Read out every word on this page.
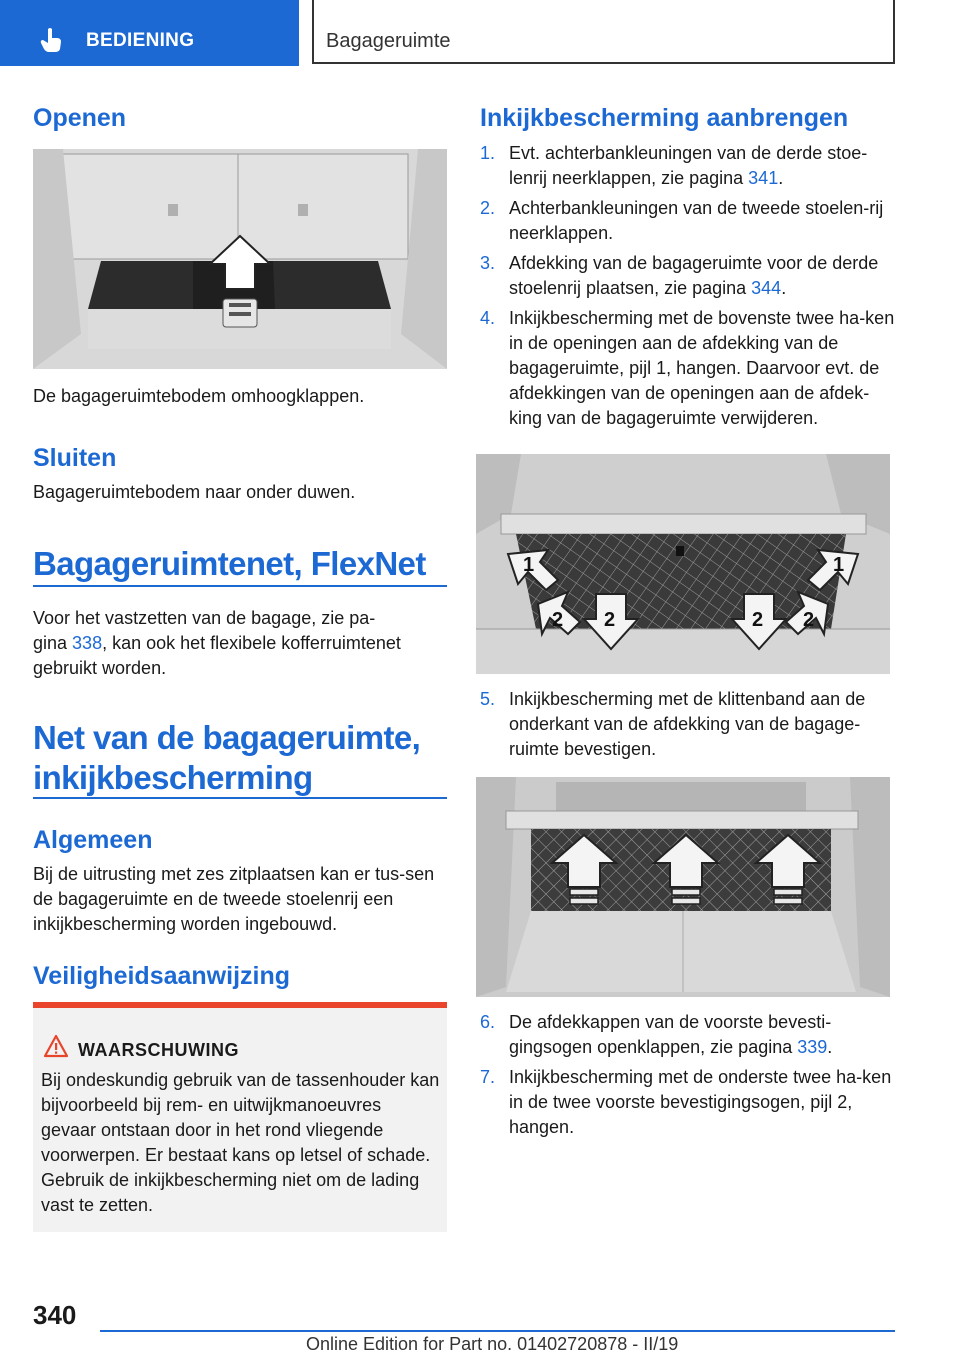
BEDIENING	Bagageruimte
Openen

De bagageruimtebodem omhoogklappen.

Sluiten

Bagageruimtebodem naar onder duwen.

Bagageruimtenet, FlexNet

Voor het vastzetten van de bagage, zie pa-
gina 338, kan ook het flexibele kofferruimtenet
gebruikt worden.

Net van de bagageruimte,
inkijkbescherming
Algemeen

Bij de uitrusting met zes zitplaatsen kan er tus-sen de bagageruimte en de tweede stoelenrij een inkijkbescherming worden ingebouwd.

Veiligheidsaanwijzing
WAARSCHUWING
Bij ondeskundig gebruik van de tassenhouder kan bijvoorbeeld bij rem- en uitwijkmanoeuvres gevaar ontstaan door in het rond vliegende voorwerpen. Er bestaat kans op letsel of schade. Gebruik de inkijkbescherming niet om de lading vast te zetten.
Inkijkbescherming aanbrengen
1. Evt. achterbankleuningen van de derde stoe-lenrij neerklappen, zie pagina 341.
2. Achterbankleuningen van de tweede stoelen-rij neerklappen.
3. Afdekking van de bagageruimte voor de derde stoelenrij plaatsen, zie pagina 344.
4. Inkijkbescherming met de bovenste twee ha-ken in de openingen aan de afdekking van de bagageruimte, pijl 1, hangen. Daarvoor evt. de afdekkingen van de openingen aan de afdek-king van de bagageruimte verwijderen.
1	1
2	2
2	2
5. Inkijkbescherming met de klittenband aan de onderkant van de afdekking van de bagage-ruimte bevestigen.
6. De afdekkappen van de voorste bevesti-gingsogen openklappen, zie pagina 339.
7. Inkijkbescherming met de onderste twee ha-ken in de twee voorste bevestigingsogen, pijl 2, hangen.
340
Online Edition for Part no. 01402720878 - II/19
